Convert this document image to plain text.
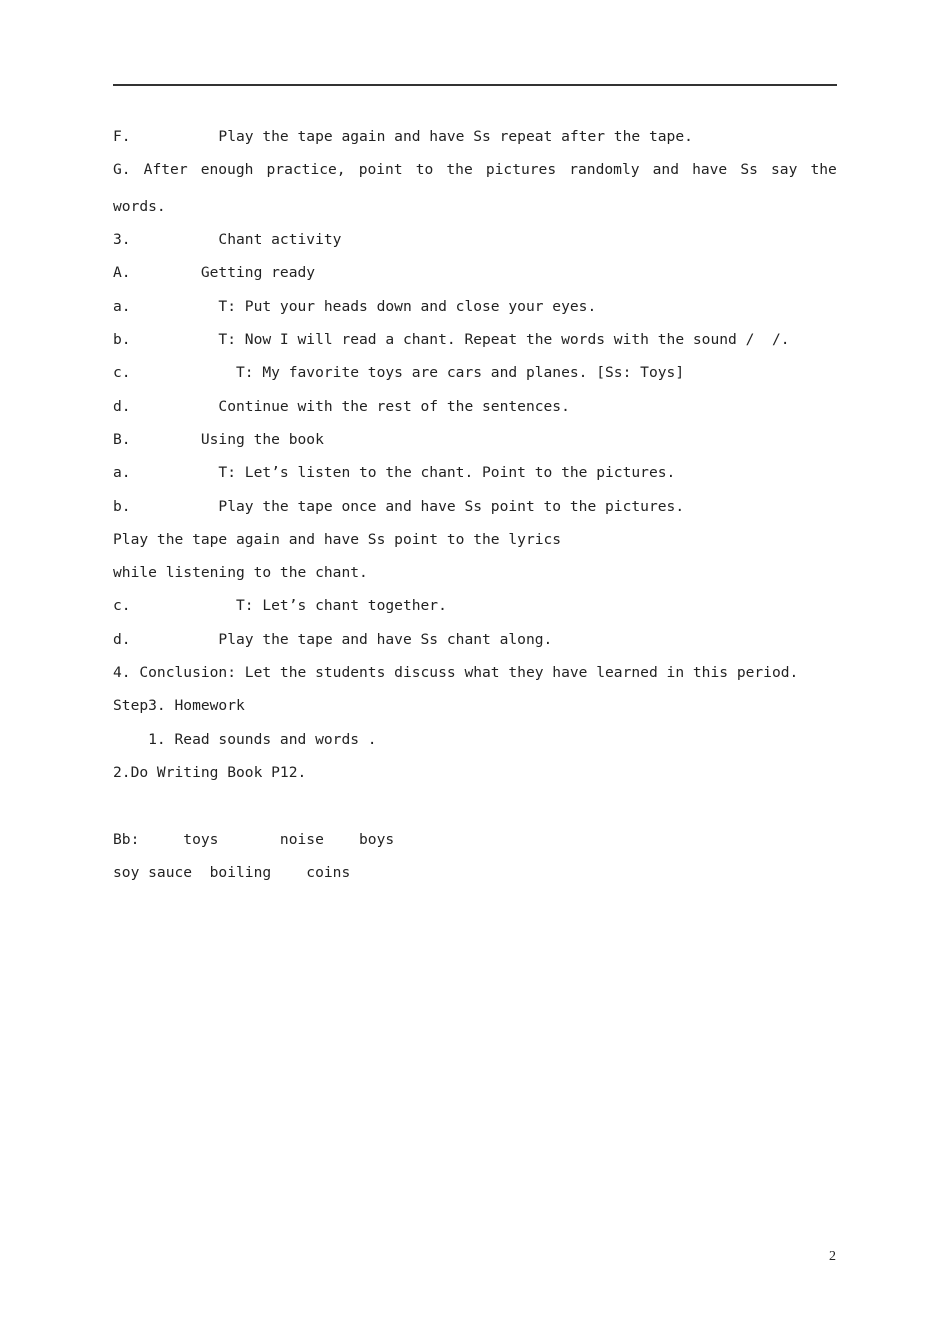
F.          Play the tape again and have Ss repeat after the tape.
G. After enough practice, point to the pictures randomly and have Ss say the
words.
3.          Chant activity
A.        Getting ready
a.          T: Put your heads down and close your eyes.
b.          T: Now I will read a chant. Repeat the words with the sound /  /.
c.            T: My favorite toys are cars and planes. [Ss: Toys]
d.          Continue with the rest of the sentences.
B.        Using the book
a.          T: Let’s listen to the chant. Point to the pictures.
b.          Play the tape once and have Ss point to the pictures.
Play the tape again and have Ss point to the lyrics
while listening to the chant.
c.            T: Let’s chant together.
d.          Play the tape and have Ss chant along.
4. Conclusion: Let the students discuss what they have learned in this period.
Step3. Homework
1. Read sounds and words .
2.Do Writing Book P12.
Bb:     toys       noise    boys
soy sauce  boiling    coins
2
